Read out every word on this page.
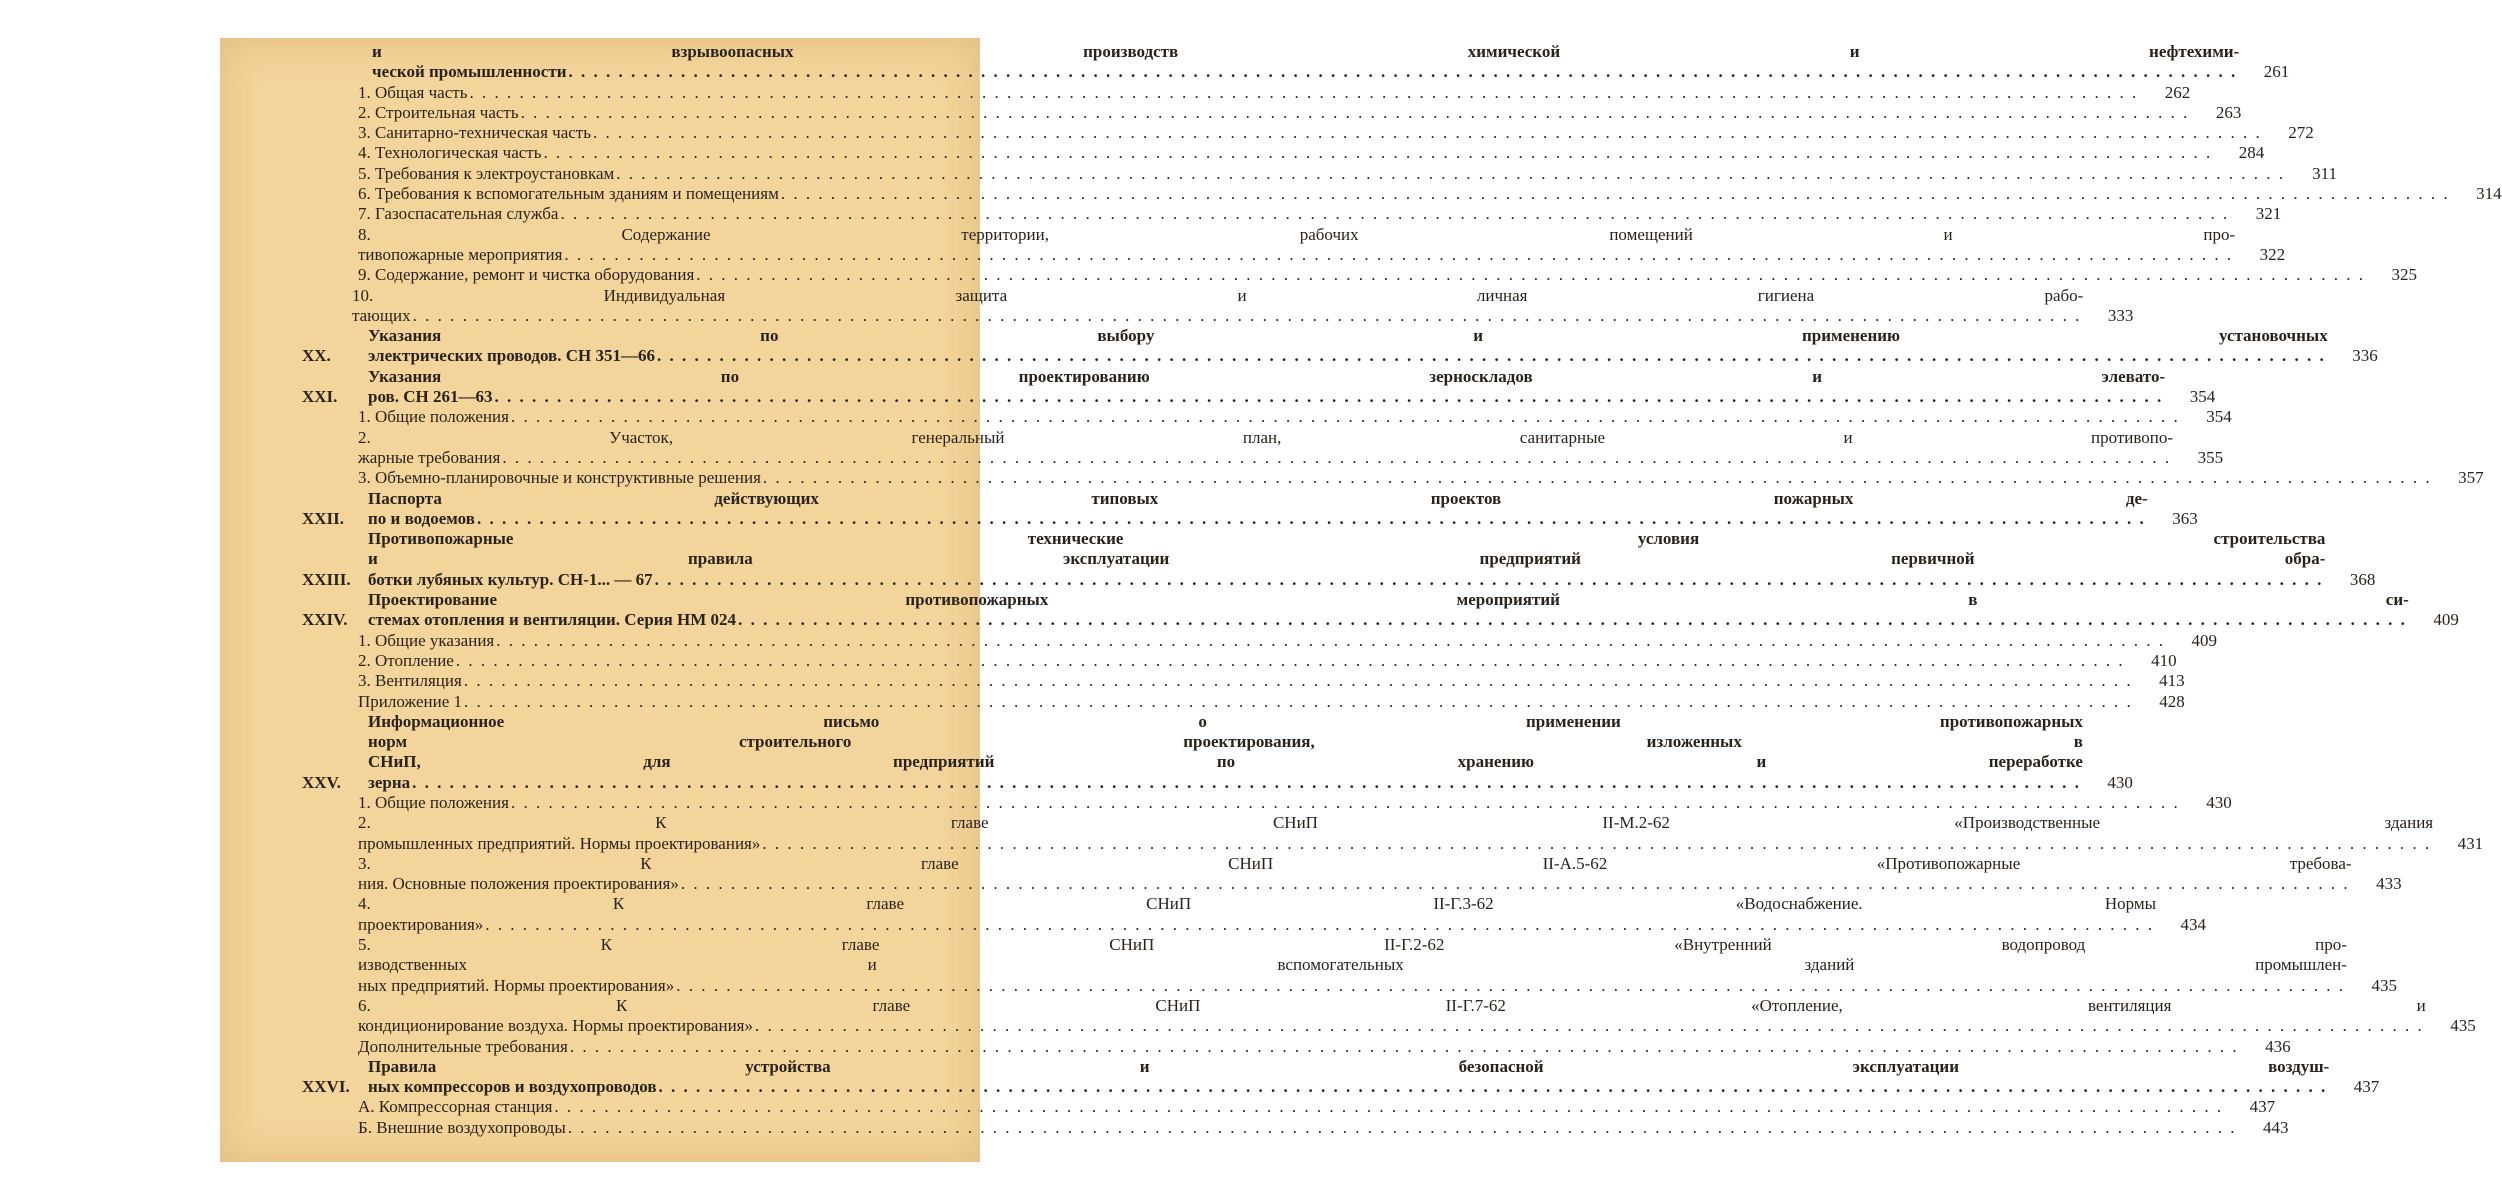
и взрывоопасных производств химической и нефтехими-
ческой промышленности . . .	261
1. Общая часть . . .	262
2. Строительная часть . . .	263
3. Санитарно-техническая часть . . .	272
4. Технологическая часть . . .	284
5. Требования к электроустановкам . . .	311
6. Требования к вспомогательным зданиям и помещениям . . .	314
7. Газоспасательная служба . . .	321
8. Содержание территории, рабочих помещений и про-
тивопожарные мероприятия . . .	322
9. Содержание, ремонт и чистка оборудования . . .	325
10. Индивидуальная защита и личная гигиена рабо-
тающих . . .	333
XX.
Указания по выбору и применению установочных
электрических проводов. СН 351—66 . . .	336
XXI.
Указания по проектированию зерноскладов и элевато-
ров. СН 261—63 . . .	354
1. Общие положения . . .	354
2. Участок, генеральный план, санитарные и противопо-
жарные требования . . .	355
3. Объемно-планировочные и конструктивные решения . . .	357
XXII.
Паспорта действующих типовых проектов пожарных де-
по и водоемов . . .	363
XXIII.
Противопожарные технические условия строительства
и правила эксплуатации предприятий первичной обра-
ботки лубяных культур. СН-1... — 67 . . .	368
XXIV.
Проектирование противопожарных мероприятий в си-
стемах отопления и вентиляции. Серия НМ 024 . . .	409
1. Общие указания . . .	409
2. Отопление . . .	410
3. Вентиляция . . .	413
Приложение 1 . . .	428
XXV.
Информационное письмо о применении противопожарных
норм строительного проектирования, изложенных в
СНиП, для предприятий по хранению и переработке
зерна . . .	430
1. Общие положения . . .	430
2. К главе СНиП II-М.2-62 «Производственные здания
промышленных предприятий. Нормы проектирования» . . .	431
3. К главе СНиП II-А.5-62 «Противопожарные требова-
ния. Основные положения проектирования» . . .	433
4. К главе СНиП II-Г.3-62 «Водоснабжение. Нормы
проектирования» . . .	434
5. К главе СНиП II-Г.2-62 «Внутренний водопровод про-
изводственных и вспомогательных зданий промышлен-
ных предприятий. Нормы проектирования» . . .	435
6. К главе СНиП II-Г.7-62 «Отопление, вентиляция и
кондиционирование воздуха. Нормы проектирования» . . .	435
Дополнительные требования . . .	436
XXVI.
Правила устройства и безопасной эксплуатации воздуш-
ных компрессоров и воздухопроводов . . .	437
А. Компрессорная станция . . .	437
Б. Внешние воздухопроводы . . .	443
